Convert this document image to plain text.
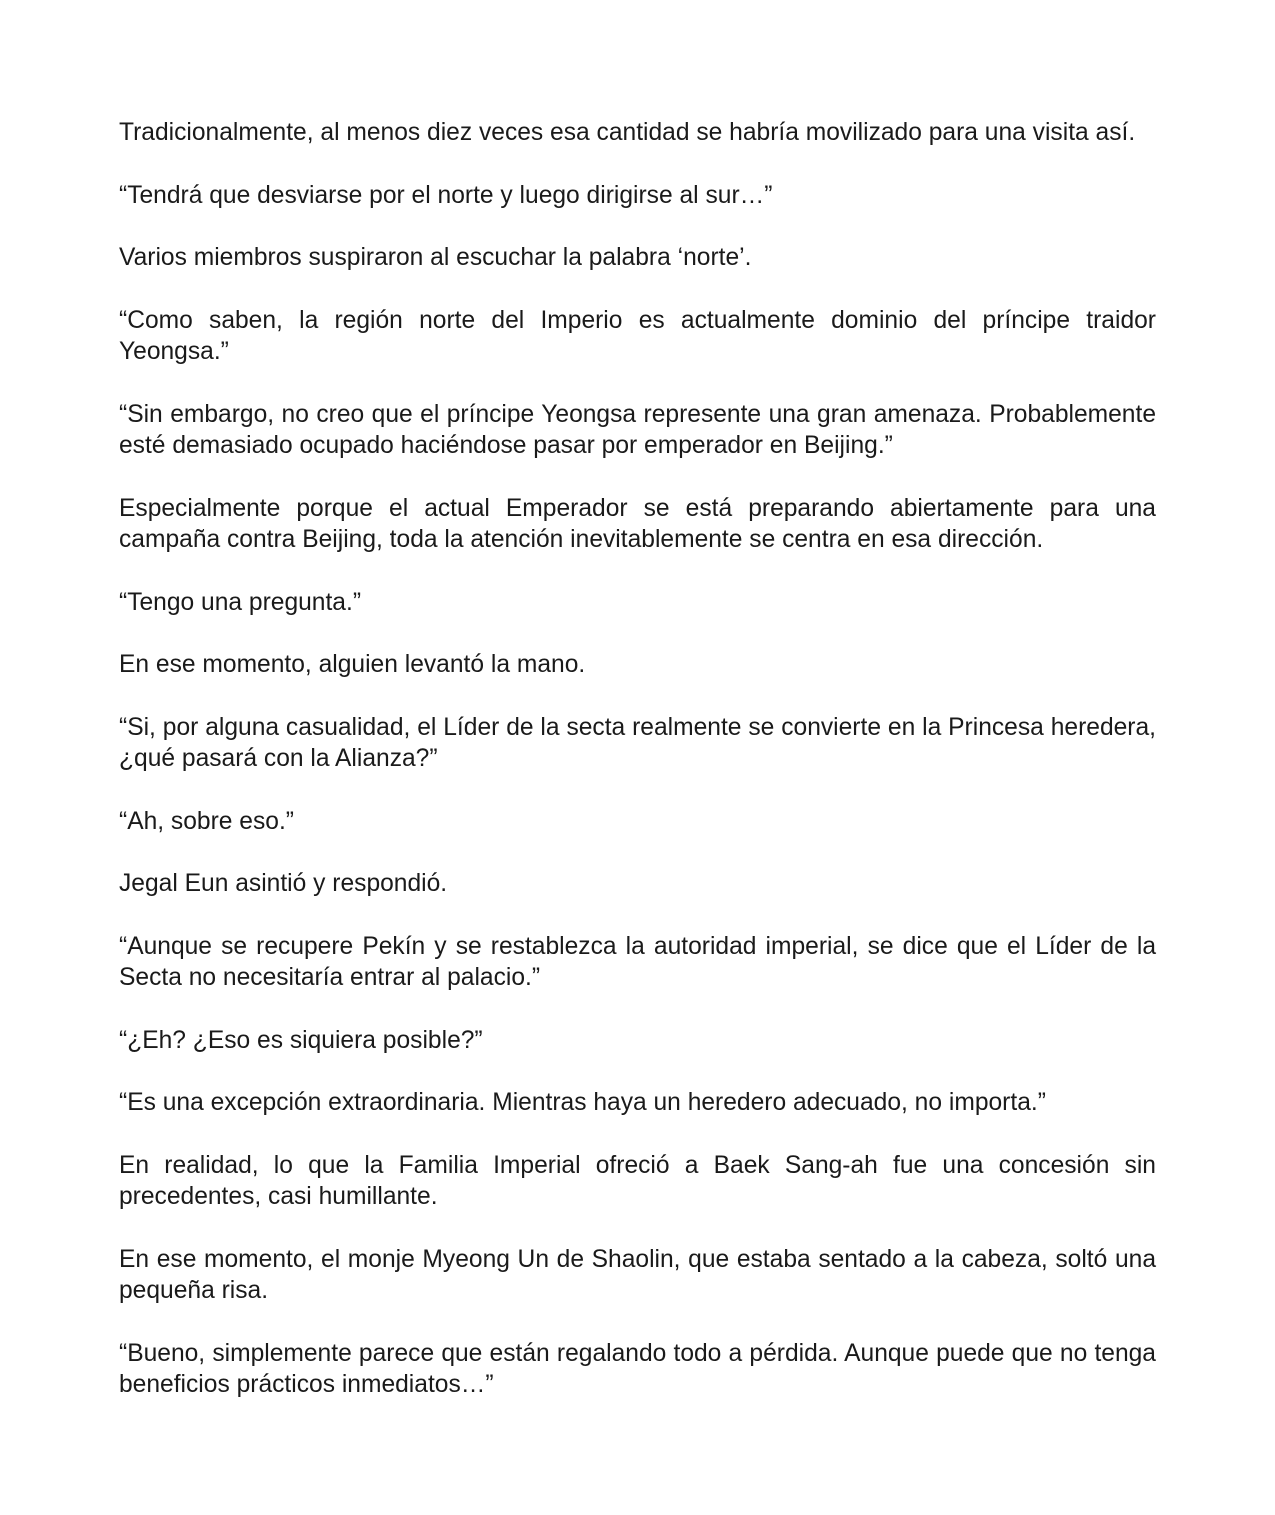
Tradicionalmente, al menos diez veces esa cantidad se habría movilizado para una visita así.

“Tendrá que desviarse por el norte y luego dirigirse al sur…”

Varios miembros suspiraron al escuchar la palabra ‘norte’.

“Como saben, la región norte del Imperio es actualmente dominio del príncipe traidor Yeongsa.”

“Sin embargo, no creo que el príncipe Yeongsa represente una gran amenaza. Probablemente esté demasiado ocupado haciéndose pasar por emperador en Beijing.”

Especialmente porque el actual Emperador se está preparando abiertamente para una campaña contra Beijing, toda la atención inevitablemente se centra en esa dirección.

“Tengo una pregunta.”

En ese momento, alguien levantó la mano.

“Si, por alguna casualidad, el Líder de la secta realmente se convierte en la Princesa heredera, ¿qué pasará con la Alianza?”

“Ah, sobre eso.”

Jegal Eun asintió y respondió.

“Aunque se recupere Pekín y se restablezca la autoridad imperial, se dice que el Líder de la Secta no necesitaría entrar al palacio.”

“¿Eh? ¿Eso es siquiera posible?”

“Es una excepción extraordinaria. Mientras haya un heredero adecuado, no importa.”

En realidad, lo que la Familia Imperial ofreció a Baek Sang-ah fue una concesión sin precedentes, casi humillante.

En ese momento, el monje Myeong Un de Shaolin, que estaba sentado a la cabeza, soltó una pequeña risa.

“Bueno, simplemente parece que están regalando todo a pérdida. Aunque puede que no tenga beneficios prácticos inmediatos…”
